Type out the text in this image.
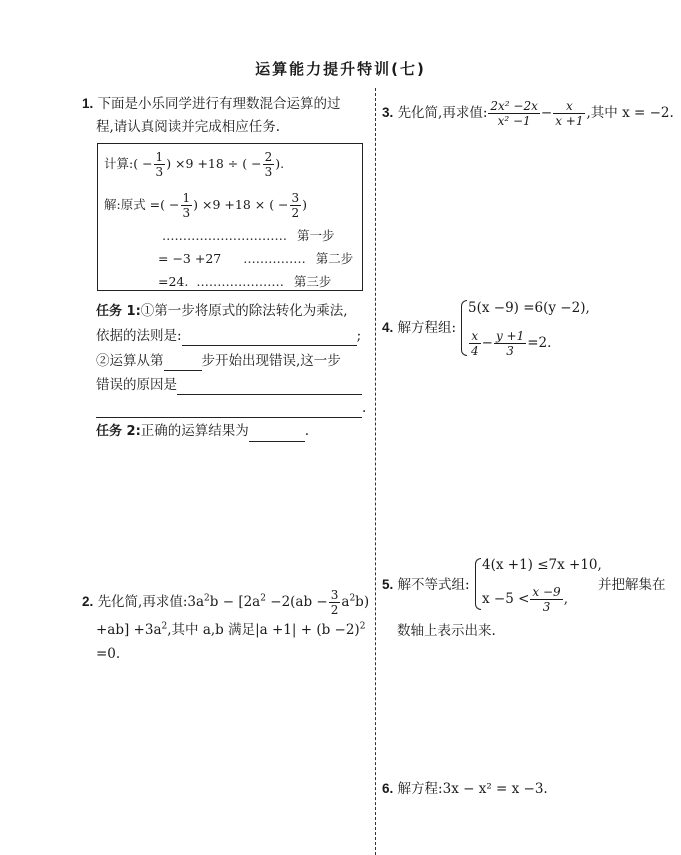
运算能力提升特训(七)
1. 下面是小乐同学进行有理数混合运算的过
程,请认真阅读并完成相应任务.
计算:( − $\frac{1}{3}$ ) ×9 +18 ÷ ( − $\frac{2}{3}$ ).
解:原式 =( − $\frac{1}{3}$ ) ×9 +18 × ( − $\frac{3}{2}$ )
………………………… 第一步
= −3 +27 …………… 第二步
=24. ………………… 第三步
任务 1:①第一步将原式的除法转化为乘法,
依据的法则是:	;
②运算从第	步开始出现错误,这一步
错误的原因是
.
任务 2:正确的运算结果为	.
2. 先化简,再求值$:3a^2b - [2a^2 -2(ab - \frac{3}{2} a^2b)$
$+ab] +3a^2$,其中 a,b 满足$|a +1| + (b -2)^2$
=0.
3. 先化简,再求值: $\frac{\text{2x² −2x}}{\text{x² −1}} - \frac{x}{x +1}$ ,其中 x = −2.
4. 解方程组:
5(x −9) =6(y −2),
$\frac{x}{4} - \frac{y +1}{3} =2$.
5. 解不等式组:
4(x +1) ≤7x +10,
$x -5 < \frac{x -9}{3}$ ,
并把解集在
数轴上表示出来.
6. 解方程:3x − x² = x −3.
